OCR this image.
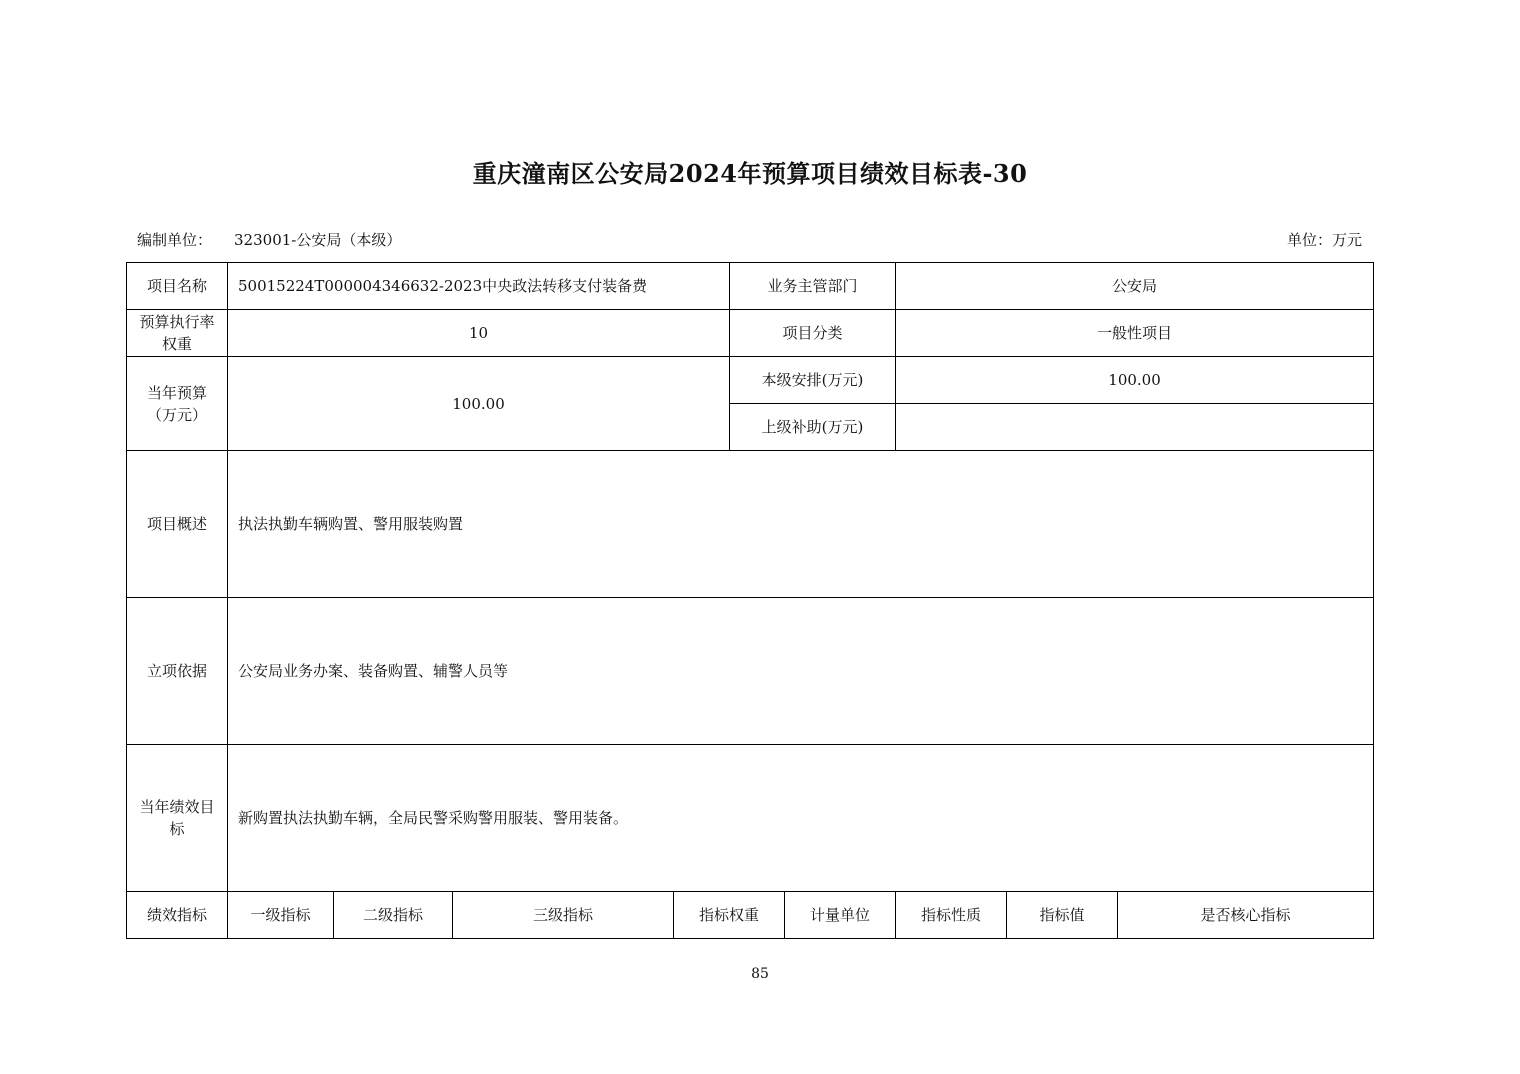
重庆潼南区公安局2024年预算项目绩效目标表-30
编制单位： 323001-公安局（本级）	单位：万元
项目名称	50015224T000004346632-2023中央政法转移支付装备费				业务主管部门		公安局		
预算执行率权重	10				项目分类		一般性项目		
当年预算（万元）	100.00				本级安排(万元)		100.00		
					上级补助(万元)				
项目概述	执法执勤车辆购置、警用服装购置								
立项依据	公安局业务办案、装备购置、辅警人员等								
当年绩效目标	新购置执法执勤车辆，全局民警采购警用服装、警用装备。								
绩效指标	一级指标	二级指标	三级指标	指标权重		计量单位	指标性质	指标值	是否核心指标
85
